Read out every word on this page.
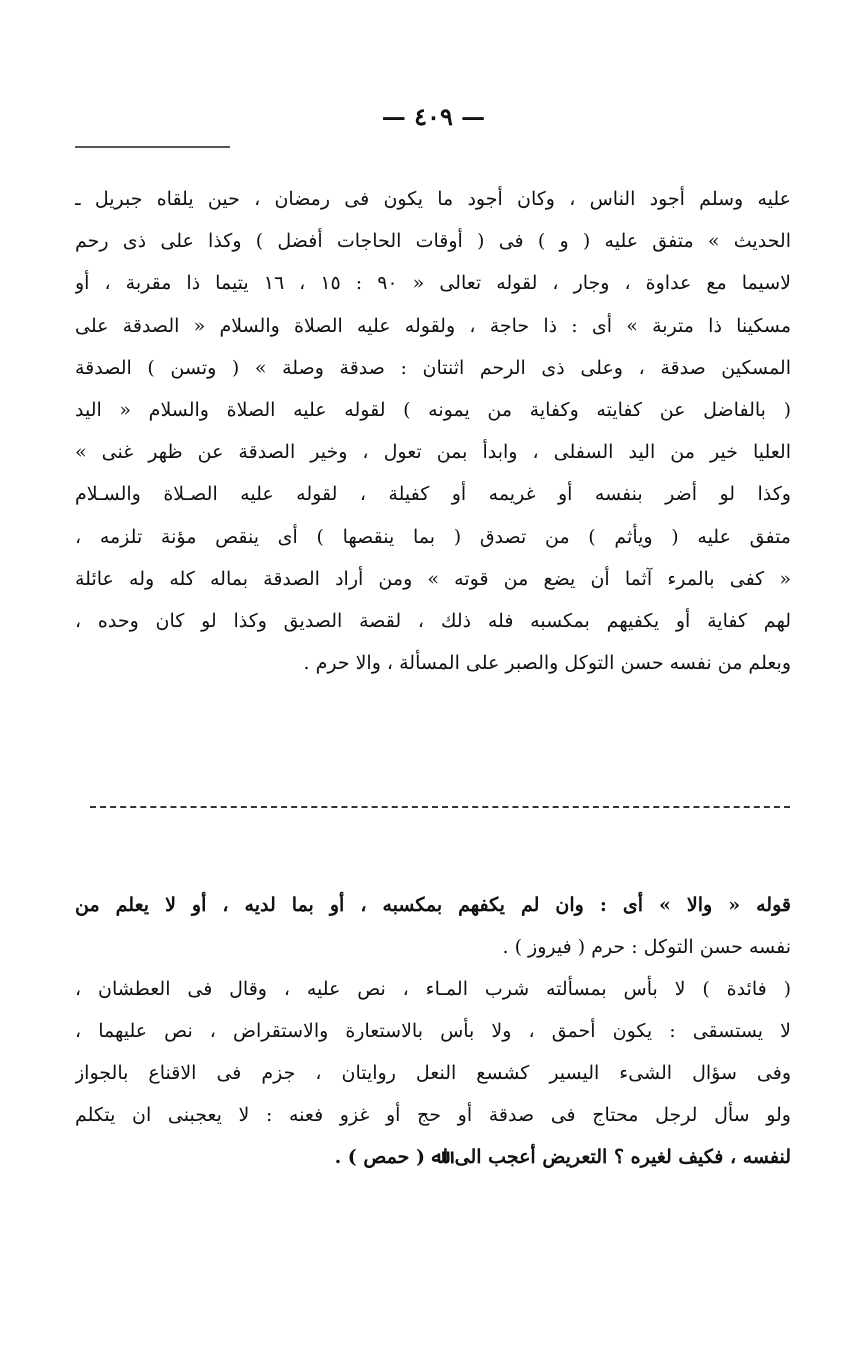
— ٤٠٩ —

عليه وسلم أجود الناس ، وكان أجود ما يكون فى رمضان ، حين يلقاه جبريل ـ

الحديث » متفق عليه ( و ) فى ( أوقات الحاجات أفضل ) وكذا على ذى رحم

لاسيما مع عداوة ، وجار ، لقوله تعالى « ٩٠ : ١٥ ، ١٦ يتيما ذا مقربة ، أو

مسكينا ذا متربة » أى : ذا حاجة ، ولقوله عليه الصلاة والسلام « الصدقة على

المسكين صدقة ، وعلى ذى الرحم اثنتان : صدقة وصلة » ( وتسن ) الصدقة

( بالفاضل عن كفايته وكفاية من يمونه ) لقوله عليه الصلاة والسلام « اليد

العليا خير من اليد السفلى ، وابدأ بمن تعول ، وخير الصدقة عن ظهر غنى »

وكذا لو أضر بنفسه أو غريمه أو كفيلة ، لقوله عليه الصـلاة والسـلام

متفق عليه ( ويأثم ) من تصدق ( بما ينقصها ) أى ينقص مؤنة تلزمه ،

« كفى بالمرء آثما أن يضع من قوته » ومن أراد الصدقة بماله كله وله عائلة

لهم كفاية أو يكفيهم بمكسبه فله ذلك ، لقصة الصديق وكذا لو كان وحده ،

وبعلم من نفسه حسن التوكل والصبر على المسألة ، والا حرم .

قوله « والا » أى : وان لم يكفهم بمكسبه ، أو بما لديه ، أو لا يعلم من

نفسه حسن التوكل : حرم ( فيروز ) .

( فائدة ) لا بأس بمسألته شرب المـاء ، نص عليه ، وقال فى العطشان ،

لا يستسقى : يكون أحمق ، ولا بأس بالاستعارة والاستقراض ، نص عليهما ،

وفى سؤال الشىء اليسير كشسع النعل روايتان ، جزم فى الاقناع بالجواز

ولو سأل لرجل محتاج فى صدقة أو حج أو غزو فعنه : لا يعجبنى ان يتكلم

لنفسه ، فكيف لغيره ؟ التعريض أعجب الى اﷲ ( حمص ) .
